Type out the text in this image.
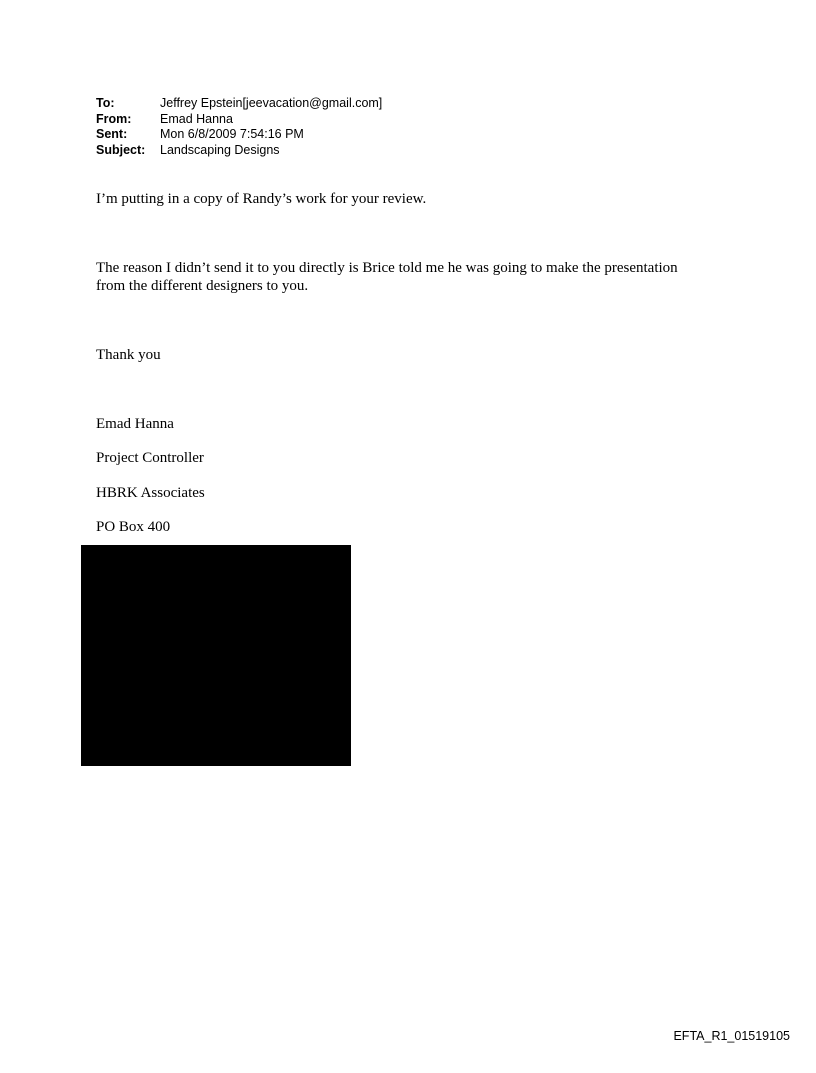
To:	Jeffrey Epstein[jeevacation@gmail.com]
From:	Emad Hanna
Sent:	Mon 6/8/2009 7:54:16 PM
Subject:	Landscaping Designs

I’m putting in a copy of Randy’s work for your review.

The reason I didn’t send it to you directly is Brice told me he was going to make the presentation
from the different designers to you.

Thank you

Emad Hanna

Project Controller

HBRK Associates

PO Box 400

EFTA_R1_01519105
